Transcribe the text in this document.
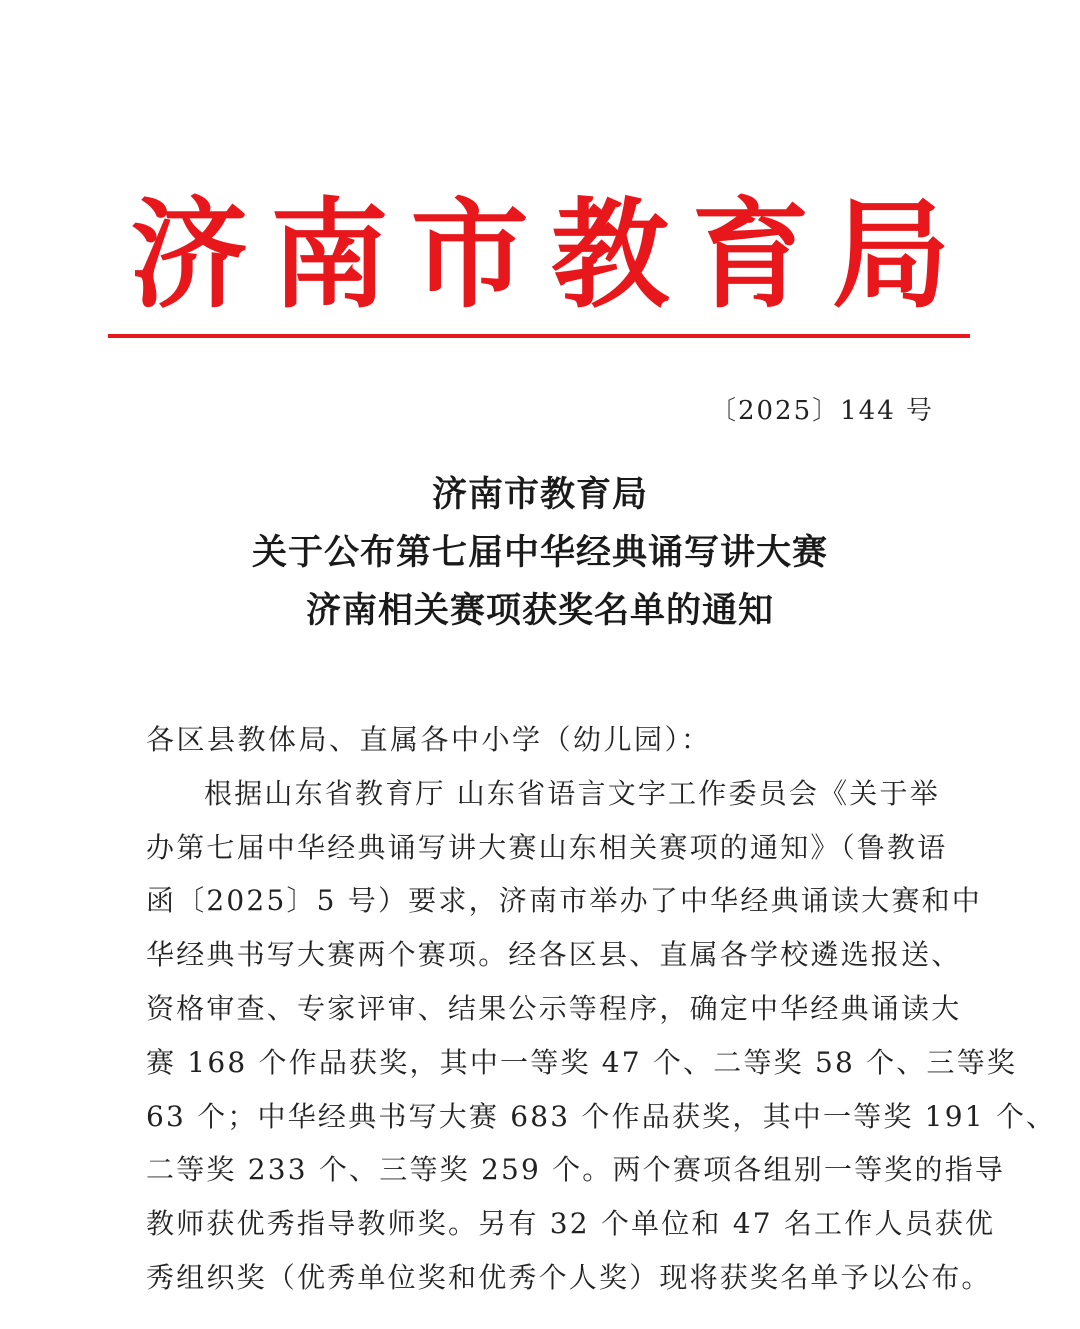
济 南 市 教 育 局
〔2025〕144 号
济南市教育局
关于公布第七届中华经典诵写讲大赛
济南相关赛项获奖名单的通知
各区县教体局、直属各中小学（幼儿园）：
根据山东省教育厅 山东省语言文字工作委员会《关于举
办第七届中华经典诵写讲大赛山东相关赛项的通知》（鲁教语
函〔2025〕5 号）要求，济南市举办了中华经典诵读大赛和中
华经典书写大赛两个赛项。经各区县、直属各学校遴选报送、
资格审查、专家评审、结果公示等程序，确定中华经典诵读大
赛 168 个作品获奖，其中一等奖 47 个、二等奖 58 个、三等奖
63 个；中华经典书写大赛 683 个作品获奖，其中一等奖 191 个、
二等奖 233 个、三等奖 259 个。两个赛项各组别一等奖的指导
教师获优秀指导教师奖。另有 32 个单位和 47 名工作人员获优
秀组织奖（优秀单位奖和优秀个人奖）现将获奖名单予以公布。
